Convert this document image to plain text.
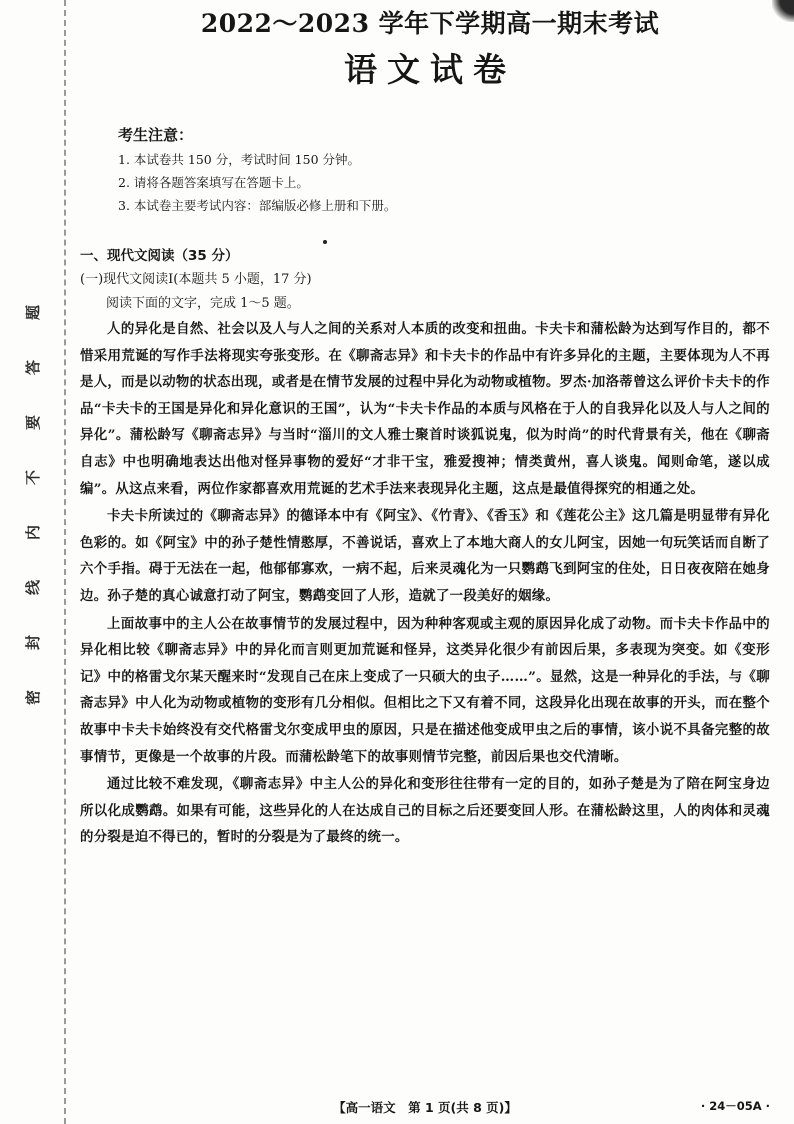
题
答
要
不
内
线
封
密
2022～2023 学年下学期高一期末考试
语文试卷

考生注意：

1. 本试卷共 150 分，考试时间 150 分钟。

2. 请将各题答案填写在答题卡上。

3. 本试卷主要考试内容：部编版必修上册和下册。

一、现代文阅读（35 分）

(一)现代文阅读Ⅰ(本题共 5 小题，17 分)

阅读下面的文字，完成 1～5 题。

人的异化是自然、社会以及人与人之间的关系对人本质的改变和扭曲。卡夫卡和蒲松龄为达到写作目的，都不惜采用荒诞的写作手法将现实夸张变形。在《聊斋志异》和卡夫卡的作品中有许多异化的主题，主要体现为人不再是人，而是以动物的状态出现，或者是在情节发展的过程中异化为动物或植物。罗杰·加洛蒂曾这么评价卡夫卡的作品“卡夫卡的王国是异化和异化意识的王国”，认为“卡夫卡作品的本质与风格在于人的自我异化以及人与人之间的异化”。蒲松龄写《聊斋志异》与当时“淄川的文人雅士聚首时谈狐说鬼，似为时尚”的时代背景有关，他在《聊斋自志》中也明确地表达出他对怪异事物的爱好“才非干宝，雅爱搜神；情类黄州，喜人谈鬼。闻则命笔，遂以成编”。从这点来看，两位作家都喜欢用荒诞的艺术手法来表现异化主题，这点是最值得探究的相通之处。

卡夫卡所读过的《聊斋志异》的德译本中有《阿宝》、《竹青》、《香玉》和《莲花公主》这几篇是明显带有异化色彩的。如《阿宝》中的孙子楚性情憨厚，不善说话，喜欢上了本地大商人的女儿阿宝，因她一句玩笑话而自断了六个手指。碍于无法在一起，他郁郁寡欢，一病不起，后来灵魂化为一只鹦鹉飞到阿宝的住处，日日夜夜陪在她身边。孙子楚的真心诚意打动了阿宝，鹦鹉变回了人形，造就了一段美好的姻缘。

上面故事中的主人公在故事情节的发展过程中，因为种种客观或主观的原因异化成了动物。而卡夫卡作品中的异化相比较《聊斋志异》中的异化而言则更加荒诞和怪异，这类异化很少有前因后果，多表现为突变。如《变形记》中的格雷戈尔某天醒来时“发现自己在床上变成了一只硕大的虫子……”。显然，这是一种异化的手法，与《聊斋志异》中人化为动物或植物的变形有几分相似。但相比之下又有着不同，这段异化出现在故事的开头，而在整个故事中卡夫卡始终没有交代格雷戈尔变成甲虫的原因，只是在描述他变成甲虫之后的事情，该小说不具备完整的故事情节，更像是一个故事的片段。而蒲松龄笔下的故事则情节完整，前因后果也交代清晰。

通过比较不难发现，《聊斋志异》中主人公的异化和变形往往带有一定的目的，如孙子楚是为了陪在阿宝身边所以化成鹦鹉。如果有可能，这些异化的人在达成自己的目标之后还要变回人形。在蒲松龄这里，人的肉体和灵魂的分裂是迫不得已的，暂时的分裂是为了最终的统一。

【高一语文　第 1 页(共 8 页)】	· 24－05A ·
